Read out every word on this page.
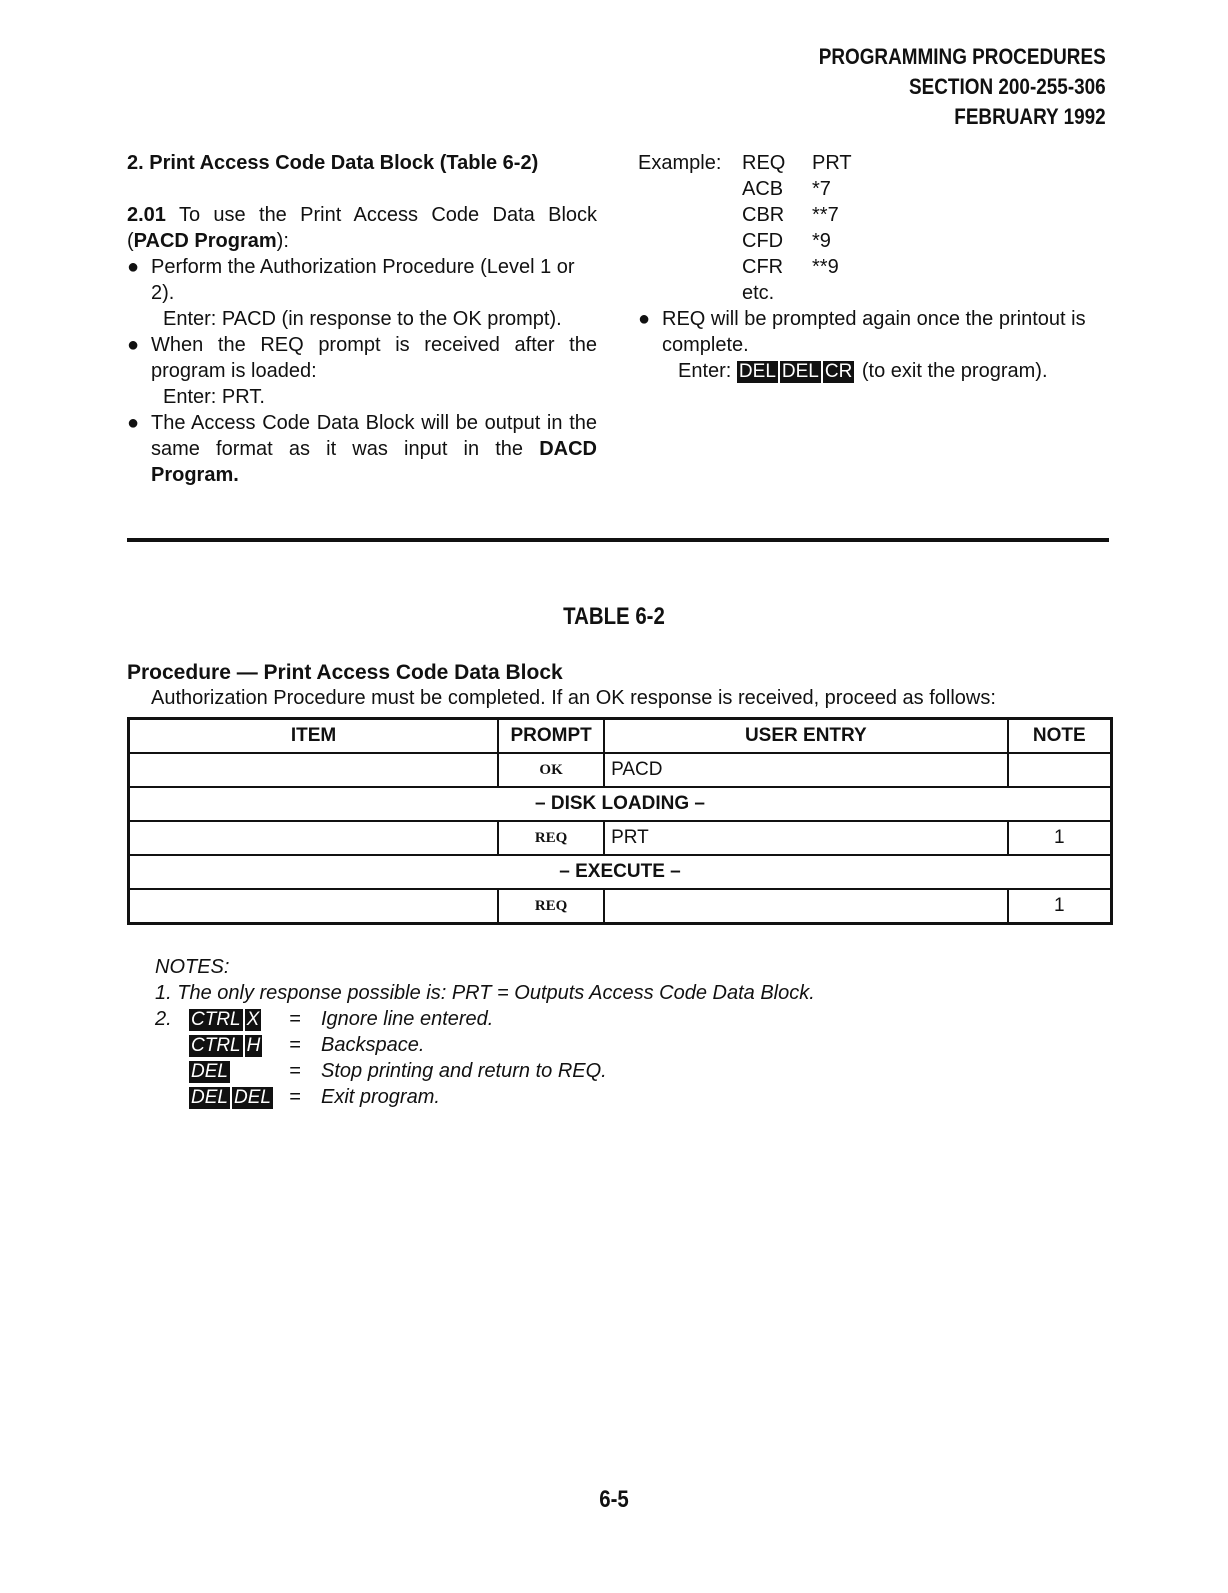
PROGRAMMING PROCEDURES
SECTION 200-255-306
FEBRUARY 1992

2. Print Access Code Data Block (Table 6-2)

2.01 To use the Print Access Code Data Block (PACD Program):

● Perform the Authorization Procedure (Level 1 or 2).
Enter: PACD (in response to the OK prompt).
● When the REQ prompt is received after the program is loaded:
Enter: PRT.
● The Access Code Data Block will be output in the same format as it was input in the DACD Program.
Example:	REQ	PRT
ACB	*7
CBR	**7
CFD	*9
CFR	**9
etc.
● REQ will be prompted again once the printout is complete.
Enter: DEL DEL CR (to exit the program).
TABLE 6-2
Procedure — Print Access Code Data Block
Authorization Procedure must be completed. If an OK response is received, proceed as follows:
ITEM	PROMPT	USER ENTRY	NOTE
	OK	PACD	
– DISK LOADING –			
	REQ	PRT	1
– EXECUTE –			
	REQ		1
NOTES:
1. The only response possible is: PRT = Outputs Access Code Data Block.
2.	CTRL X	=	Ignore line entered.
CTRL H	=	Backspace.
DEL	=	Stop printing and return to REQ.
DEL DEL =	Exit program.
6-5
